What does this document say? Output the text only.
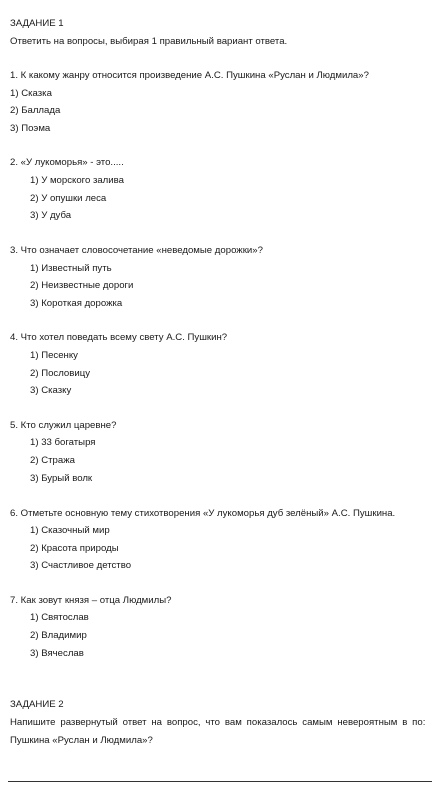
ЗАДАНИЕ 1
Ответить на вопросы, выбирая 1 правильный вариант ответа.
1. К какому жанру относится произведение А.С. Пушкина «Руслан и Людмила»?
1) Сказка
2) Баллада
3) Поэма
2. «У лукоморья» - это.....
1) У морского залива
2) У опушки леса
3) У дуба
3. Что означает словосочетание «неведомые дорожки»?
1) Известный путь
2) Неизвестные дороги
3) Короткая дорожка
4. Что хотел поведать всему свету А.С. Пушкин?
1) Песенку
2) Пословицу
3) Сказку
5. Кто служил царевне?
1) 33 богатыря
2) Стража
3) Бурый волк
6. Отметьте основную тему стихотворения «У лукоморья дуб зелёный» А.С. Пушкина.
1) Сказочный мир
2) Красота природы
3) Счастливое детство
7. Как зовут князя – отца Людмилы?
1) Святослав
2) Владимир
3) Вячеслав
ЗАДАНИЕ 2
Напишите развернутый ответ на вопрос, что вам показалось самым невероятным в по:
Пушкина «Руслан и Людмила»?
